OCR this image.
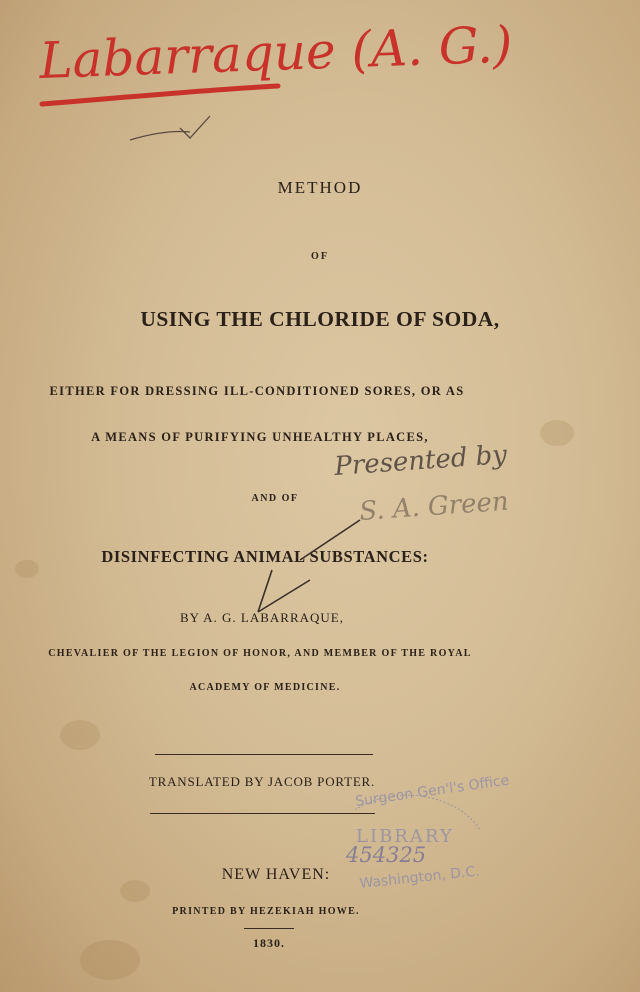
METHOD
OF
USING THE CHLORIDE OF SODA,
EITHER FOR DRESSING ILL-CONDITIONED SORES, OR AS
A MEANS OF PURIFYING UNHEALTHY PLACES,
AND OF
DISINFECTING ANIMAL SUBSTANCES:
BY A. G. LABARRAQUE,
CHEVALIER OF THE LEGION OF HONOR, AND MEMBER OF THE ROYAL
ACADEMY OF MEDICINE.
TRANSLATED BY JACOB PORTER.
NEW HAVEN:
PRINTED BY HEZEKIAH HOWE.
1830.
Labarraque (A. G.)
Presented by
S. A. Green
Surgeon Gen'l's Office
LIBRARY
454325
Washington, D.C.
